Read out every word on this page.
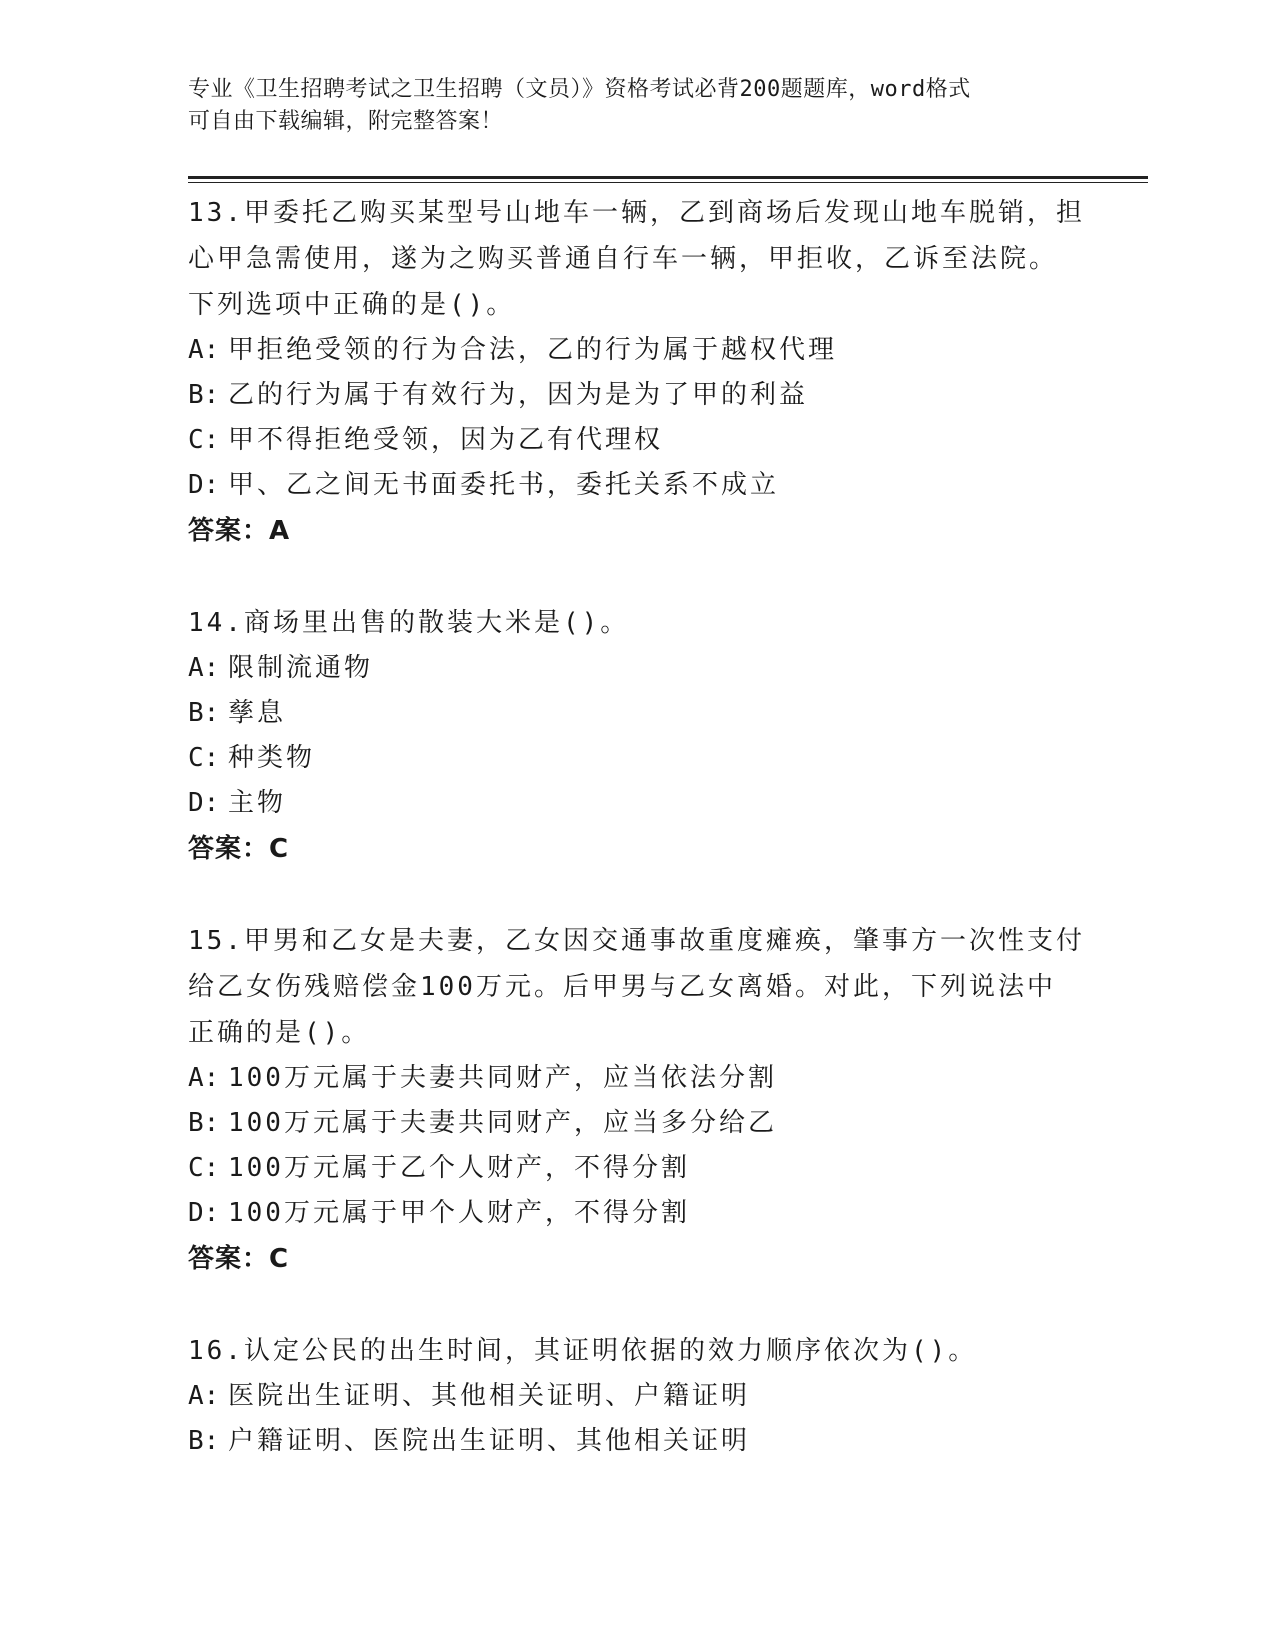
专业《卫生招聘考试之卫生招聘（文员）》资格考试必背200题题库，word格式
可自由下载编辑，附完整答案！
13.甲委托乙购买某型号山地车一辆，乙到商场后发现山地车脱销，担
心甲急需使用，遂为之购买普通自行车一辆，甲拒收，乙诉至法院。
下列选项中正确的是()。
A: 甲拒绝受领的行为合法，乙的行为属于越权代理
B: 乙的行为属于有效行为，因为是为了甲的利益
C: 甲不得拒绝受领，因为乙有代理权
D: 甲、乙之间无书面委托书，委托关系不成立
答案：A
14.商场里出售的散装大米是()。
A: 限制流通物
B: 孳息
C: 种类物
D: 主物
答案：C
15.甲男和乙女是夫妻，乙女因交通事故重度瘫痪，肇事方一次性支付
给乙女伤残赔偿金100万元。后甲男与乙女离婚。对此，下列说法中
正确的是()。
A: 100万元属于夫妻共同财产，应当依法分割
B: 100万元属于夫妻共同财产，应当多分给乙
C: 100万元属于乙个人财产，不得分割
D: 100万元属于甲个人财产，不得分割
答案：C
16.认定公民的出生时间，其证明依据的效力顺序依次为()。
A: 医院出生证明、其他相关证明、户籍证明
B: 户籍证明、医院出生证明、其他相关证明
